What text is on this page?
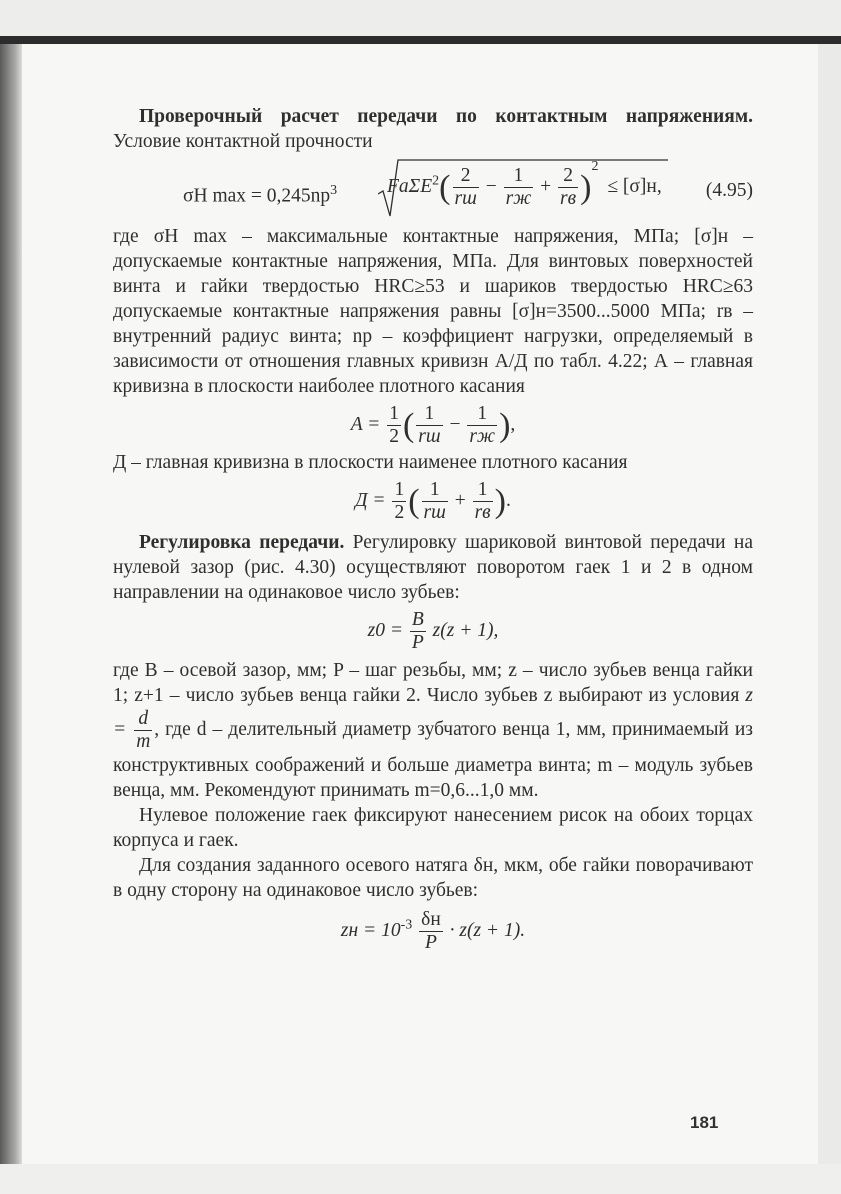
Проверочный расчет передачи по контактным напряжениям. Условие контактной прочности

σН $\max = 0,245nр^3$	$Fa\Sigma E^2( \frac{2}{rш} - \frac{1}{rж} + \frac{2}{rв} )^2 \le [\sigma]н$, (4.95)

где σН max – максимальные контактные напряжения, МПа; [σ]н – допускаемые контактные напряжения, МПа. Для винтовых поверхностей винта и гайки твердостью HRC≥53 и шариков твердостью HRC≥63 допускаемые контактные напряжения равны [σ]н=3500...5000 МПа; rв – внутренний радиус винта; nр – коэффициент нагрузки, определяемый в зависимости от отношения главных кривизн А/Д по табл. 4.22; А – главная кривизна в плоскости наиболее плотного касания

$A = \frac{1}{2}$ ( $\frac{1}{rш} - \frac{1}{rж}$ ),

Д – главная кривизна в плоскости наименее плотного касания

$Д = \frac{1}{2}$ ( $\frac{1}{rш} + \frac{1}{rв}$ ).

Регулировка передачи. Регулировку шариковой винтовой передачи на нулевой зазор (рис. 4.30) осуществляют поворотом гаек 1 и 2 в одном направлении на одинаковое число зубьев:

$z0 = \frac{B}{P} z(z + 1)$,

где B – осевой зазор, мм; P – шаг резьбы, мм; z – число зубьев венца гайки 1; z+1 – число зубьев венца гайки 2. Число зубьев z выбирают из условия $z = \frac{d}{m}$ , где d – делительный диаметр зубчатого венца 1, мм, принимаемый из конструктивных соображений и больше диаметра винта; m – модуль зубьев венца, мм. Рекомендуют принимать m=0,6...1,0 мм.

Нулевое положение гаек фиксируют нанесением рисок на обоих торцах корпуса и гаек.

Для создания заданного осевого натяга δн, мкм, обе гайки поворачивают в одну сторону на одинаковое число зубьев:

zн = $10^{-3} \frac{\delta н}{P} \cdot z(z + 1)$.
181
